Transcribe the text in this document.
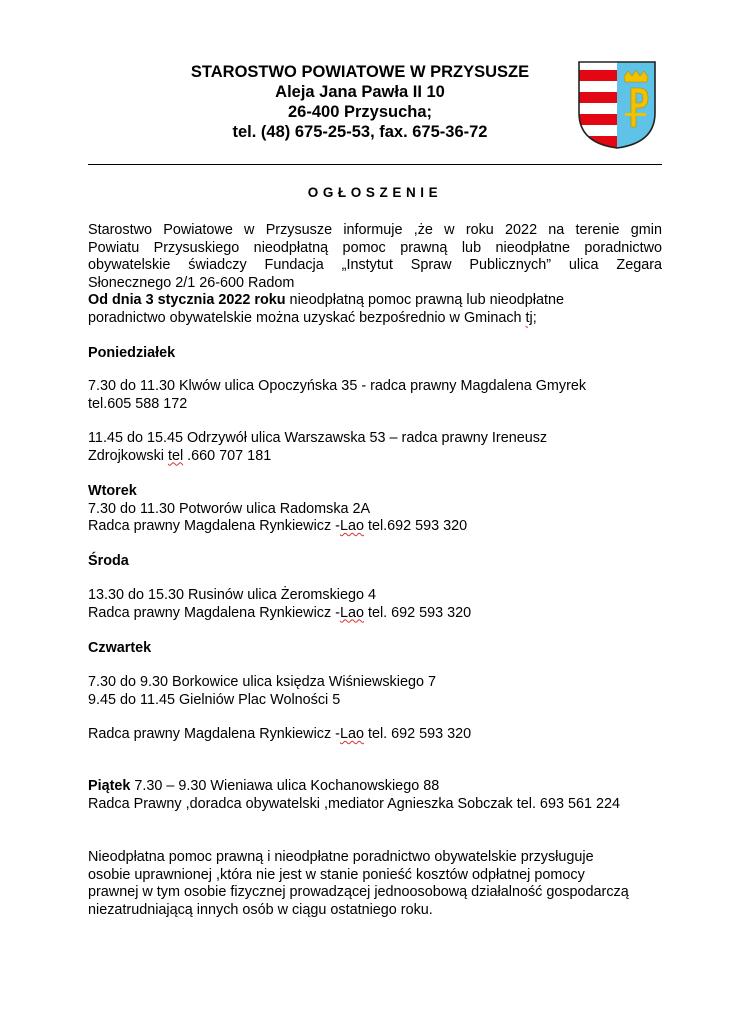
STAROSTWO POWIATOWE W PRZYSUSZE
Aleja Jana Pawła II 10
26-400 Przysucha;
tel. (48) 675-25-53, fax. 675-36-72
OGŁOSZENIE
Starostwo Powiatowe w Przysusze informuje ,że w roku 2022 na terenie gmin
Powiatu Przysuskiego nieodpłatną pomoc prawną lub nieodpłatne poradnictwo
obywatelskie świadczy Fundacja „Instytut Spraw Publicznych” ulica Zegara
Słonecznego 2/1 26-600 Radom
Od dnia 3 stycznia 2022 roku nieodpłatną pomoc prawną lub nieodpłatne
poradnictwo obywatelskie można uzyskać bezpośrednio w Gminach tj;
Poniedziałek
7.30 do 11.30 Klwów ulica Opoczyńska 35 - radca prawny Magdalena Gmyrek
tel.605 588 172
11.45 do 15.45 Odrzywół ulica Warszawska 53 – radca prawny Ireneusz
Zdrojkowski tel .660 707 181
Wtorek
7.30 do 11.30 Potworów ulica Radomska 2A
Radca prawny Magdalena Rynkiewicz -Lao tel.692 593 320
Środa
13.30 do 15.30 Rusinów ulica Żeromskiego 4
Radca prawny Magdalena Rynkiewicz -Lao tel. 692 593 320
Czwartek
7.30 do 9.30 Borkowice ulica księdza Wiśniewskiego 7
9.45 do 11.45 Gielniów Plac Wolności 5
Radca prawny Magdalena Rynkiewicz -Lao tel. 692 593 320
Piątek 7.30 – 9.30 Wieniawa ulica Kochanowskiego 88
Radca Prawny ,doradca obywatelski ,mediator Agnieszka Sobczak tel. 693 561 224
Nieodpłatna pomoc prawną i nieodpłatne poradnictwo obywatelskie przysługuje
osobie uprawnionej ,która nie jest w stanie ponieść kosztów odpłatnej pomocy
prawnej w tym osobie fizycznej prowadzącej jednoosobową działalność gospodarczą
niezatrudniającą innych osób w ciągu ostatniego roku.
